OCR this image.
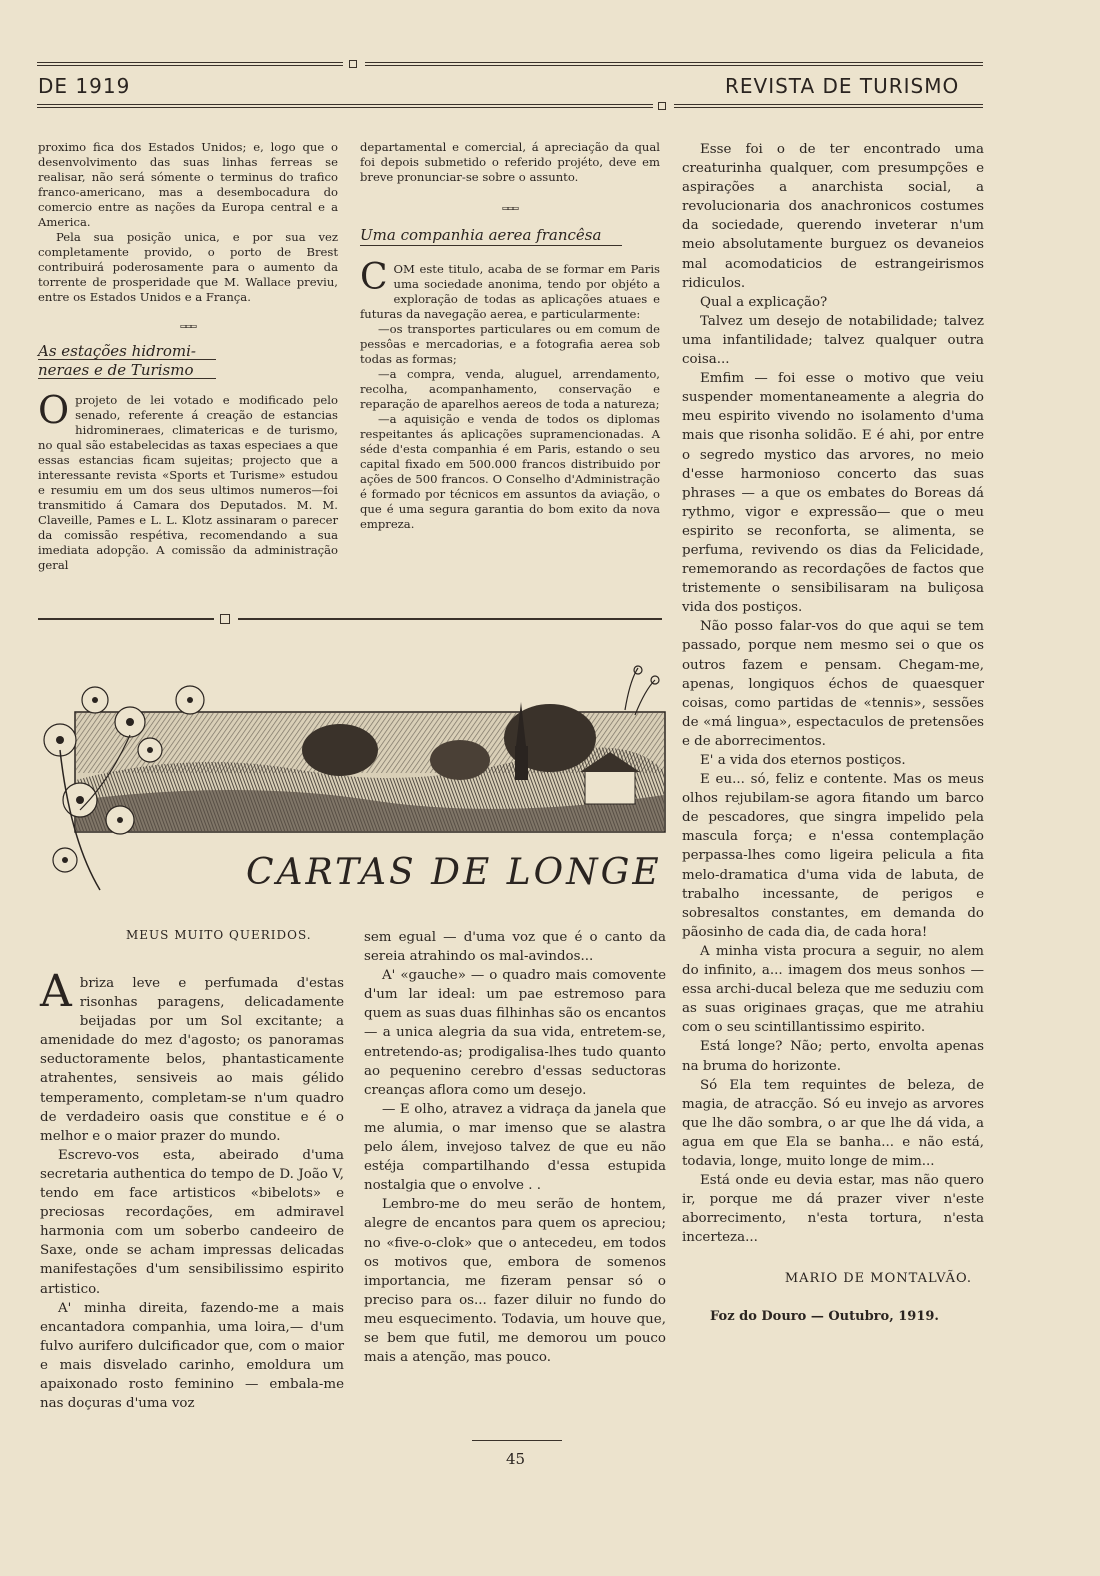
DE 1919	REVISTA DE TURISMO

proximo fica dos Estados Unidos; e, logo que o desenvolvimento das suas linhas ferreas se realisar, não será sómente o terminus do trafico franco-americano, mas a desembocadura do comercio entre as nações da Europa central e a America.

Pela sua posição unica, e por sua vez completamente provido, o porto de Brest contribuirá poderosamente para o aumento da torrente de prosperidade que M. Wallace previu, entre os Estados Unidos e a França.

▭▭▭
As estações hidromi-
neraes e de Turismo
O projeto de lei votado e modificado pelo senado, referente á creação de estancias hidromineraes, climatericas e de turismo, no qual são estabelecidas as taxas especiaes a que essas estancias ficam sujeitas; projecto que a interessante revista «Sports et Turisme» estudou e resumiu em um dos seus ultimos numeros—foi transmitido á Camara dos Deputados. M. M. Claveille, Pames e L. L. Klotz assinaram o parecer da comissão respétiva, recomendando a sua imediata adopção. A comissão da administração geral

departamental e comercial, á apreciação da qual foi depois submetido o referido projéto, deve em breve pronunciar-se sobre o assunto.

▭▭▭
Uma companhia aerea francêsa
C OM este titulo, acaba de se formar em Paris uma sociedade anonima, tendo por objéto a exploração de todas as aplicações atuaes e futuras da navegação aerea, e particularmente:

—os transportes particulares ou em comum de pessôas e mercadorias, e a fotografia aerea sob todas as formas;

—a compra, venda, aluguel, arrendamento, recolha, acompanhamento, conservação e reparação de aparelhos aereos de toda a natureza;

—a aquisição e venda de todos os diplomas respeitantes ás aplicações supramencionadas. A séde d'esta companhia é em Paris, estando o seu capital fixado em 500.000 francos distribuido por ações de 500 francos. O Conselho d'Administração é formado por técnicos em assuntos da aviação, o que é uma segura garantia do bom exito da nova empreza.

Esse foi o de ter encontrado uma creaturinha qualquer, com presumpções e aspirações a anarchista social, a revolucionaria dos anachronicos costumes da sociedade, querendo inveterar n'um meio absolutamente burguez os devaneios mal acomodaticios de estrangeirismos ridiculos.

Qual a explicação?

Talvez um desejo de notabilidade; talvez uma infantilidade; talvez qualquer outra coisa...

Emfim — foi esse o motivo que veiu suspender momentaneamente a alegria do meu espirito vivendo no isolamento d'uma mais que risonha solidão. E é ahi, por entre o segredo mystico das arvores, no meio d'esse harmonioso concerto das suas phrases — a que os embates do Boreas dá rythmo, vigor e expressão— que o meu espirito se reconforta, se alimenta, se perfuma, revivendo os dias da Felicidade, rememorando as recordações de factos que tristemente o sensibilisaram na buliçosa vida dos postiços.

Não posso falar-vos do que aqui se tem passado, porque nem mesmo sei o que os outros fazem e pensam. Chegam-me, apenas, longiquos échos de quaesquer coisas, como partidas de «tennis», sessões de «má lingua», espectaculos de pretensões e de aborrecimentos.

E' a vida dos eternos postiços.

E eu... só, feliz e contente. Mas os meus olhos rejubilam-se agora fitando um barco de pescadores, que singra impelido pela mascula força; e n'essa contemplação perpassa-lhes como ligeira pelicula a fita melo-dramatica d'uma vida de labuta, de trabalho incessante, de perigos e sobresaltos constantes, em demanda do pãosinho de cada dia, de cada hora!

A minha vista procura a seguir, no alem do infinito, a... imagem dos meus sonhos — essa archi-ducal beleza que me seduziu com as suas originaes graças, que me atrahiu com o seu scintillantissimo espirito.

Está longe? Não; perto, envolta apenas na bruma do horizonte.

Só Ela tem requintes de beleza, de magia, de atracção. Só eu invejo as arvores que lhe dão sombra, o ar que lhe dá vida, a agua em que Ela se banha... e não está, todavia, longe, muito longe de mim...

Está onde eu devia estar, mas não quero ir, porque me dá prazer viver n'este aborrecimento, n'esta tortura, n'esta incerteza...

MARIO DE MONTALVÃO.
Foz do Douro — Outubro, 1919.
CARTAS DE LONGE
MEUS MUITO QUERIDOS.
A briza leve e perfumada d'estas risonhas paragens, delicadamente beijadas por um Sol excitante; a amenidade do mez d'agosto; os panoramas seductoramente belos, phantasticamente atrahentes, sensiveis ao mais gélido temperamento, completam-se n'um quadro de verdadeiro oasis que constitue e é o melhor e o maior prazer do mundo.

Escrevo-vos esta, abeirado d'uma secretaria authentica do tempo de D. João V, tendo em face artisticos «bibelots» e preciosas recordações, em admiravel harmonia com um soberbo candeeiro de Saxe, onde se acham impressas delicadas manifestações d'um sensibilissimo espirito artistico.

A' minha direita, fazendo-me a mais encantadora companhia, uma loira,— d'um fulvo aurifero dulcificador que, com o maior e mais disvelado carinho, emoldura um apaixonado rosto feminino — embala-me nas doçuras d'uma voz

sem egual — d'uma voz que é o canto da sereia atrahindo os mal-avindos...

A' «gauche» — o quadro mais comovente d'um lar ideal: um pae estremoso para quem as suas duas filhinhas são os encantos — a unica alegria da sua vida, entretem-se, entretendo-as; prodigalisa-lhes tudo quanto ao pequenino cerebro d'essas seductoras creanças aflora como um desejo.

— E olho, atravez a vidraça da janela que me alumia, o mar imenso que se alastra pelo álem, invejoso talvez de que eu não estéja compartilhando d'essa estupida nostalgia que o envolve . .

Lembro-me do meu serão de hontem, alegre de encantos para quem os apreciou; no «five-o-clok» que o antecedeu, em todos os motivos que, embora de somenos importancia, me fizeram pensar só o preciso para os... fazer diluir no fundo do meu esquecimento. Todavia, um houve que, se bem que futil, me demorou um pouco mais a atenção, mas pouco.

45
